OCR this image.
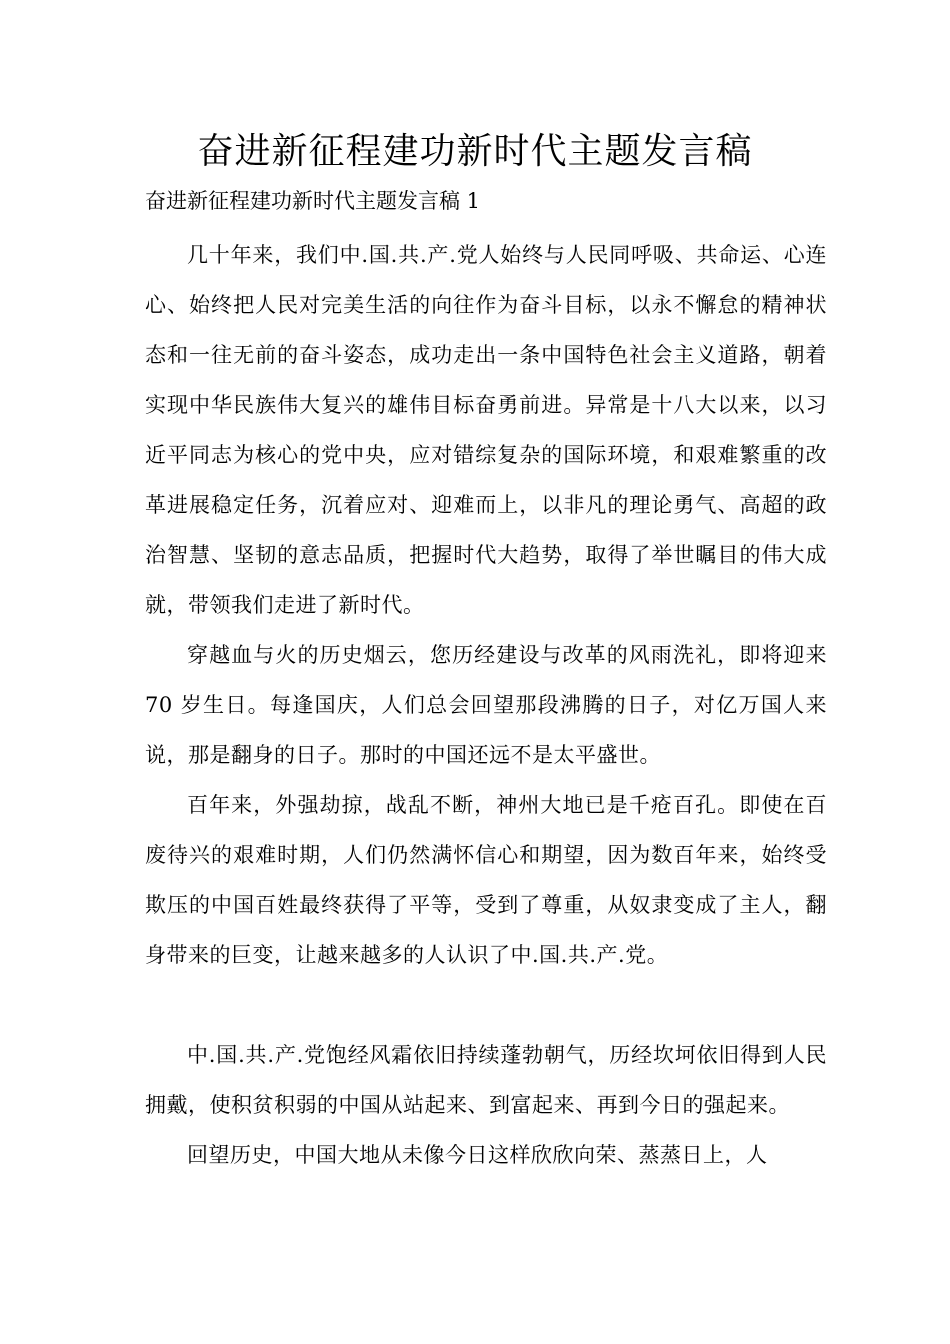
奋进新征程建功新时代主题发言稿

奋进新征程建功新时代主题发言稿 1

几十年来，我们中.国.共.产.党人始终与人民同呼吸、共命运、心连心、始终把人民对完美生活的向往作为奋斗目标，以永不懈怠的精神状态和一往无前的奋斗姿态，成功走出一条中国特色社会主义道路，朝着实现中华民族伟大复兴的雄伟目标奋勇前进。异常是十八大以来，以习近平同志为核心的党中央，应对错综复杂的国际环境，和艰难繁重的改革进展稳定任务，沉着应对、迎难而上，以非凡的理论勇气、高超的政治智慧、坚韧的意志品质，把握时代大趋势，取得了举世瞩目的伟大成就，带领我们走进了新时代。

穿越血与火的历史烟云，您历经建设与改革的风雨洗礼，即将迎来 70 岁生日。每逢国庆，人们总会回望那段沸腾的日子，对亿万国人来说，那是翻身的日子。那时的中国还远不是太平盛世。

百年来，外强劫掠，战乱不断，神州大地已是千疮百孔。即使在百废待兴的艰难时期，人们仍然满怀信心和期望，因为数百年来，始终受欺压的中国百姓最终获得了平等，受到了尊重，从奴隶变成了主人，翻身带来的巨变，让越来越多的人认识了中.国.共.产.党。

中.国.共.产.党饱经风霜依旧持续蓬勃朝气，历经坎坷依旧得到人民拥戴，使积贫积弱的中国从站起来、到富起来、再到今日的强起来。

回望历史，中国大地从未像今日这样欣欣向荣、蒸蒸日上，人
